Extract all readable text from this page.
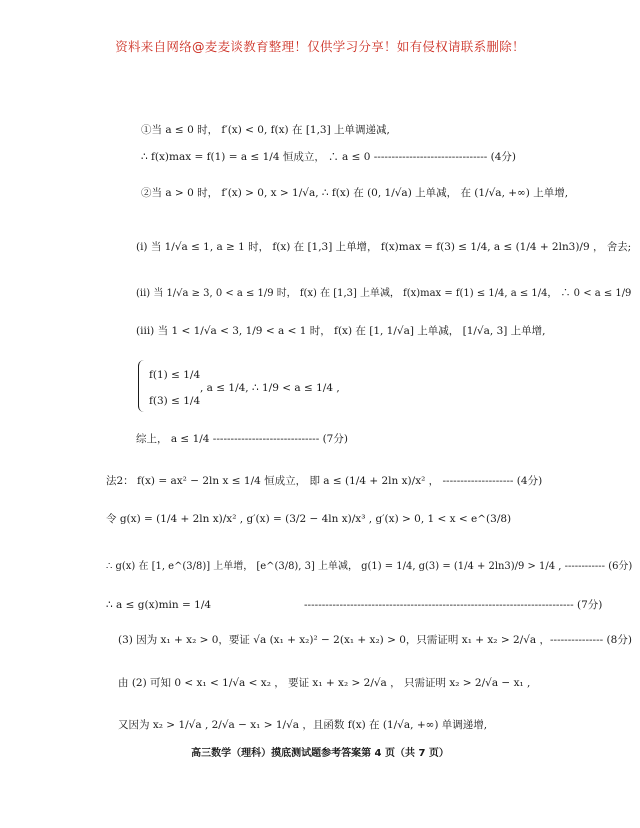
资料来自网络@麦麦谈教育整理！仅供学习分享！如有侵权请联系删除！
①当 a ≤ 0 时， f′(x) < 0, f(x) 在 [1,3] 上单调递减,
∴ f(x)max = f(1) = a ≤ 1/4 恒成立， ∴ a ≤ 0 -------------------------------- (4分)
②当 a > 0 时， f′(x) > 0, x > 1/√a, ∴ f(x) 在 (0, 1/√a) 上单减， 在 (1/√a, +∞) 上单增,
(i) 当 1/√a ≤ 1, a ≥ 1 时， f(x) 在 [1,3] 上单增， f(x)max = f(3) ≤ 1/4, a ≤ (1/4 + 2ln3)/9 ， 舍去;
(ii) 当 1/√a ≥ 3, 0 < a ≤ 1/9 时， f(x) 在 [1,3] 上单减， f(x)max = f(1) ≤ 1/4, a ≤ 1/4， ∴ 0 < a ≤ 1/9
(iii) 当 1 < 1/√a < 3, 1/9 < a < 1 时， f(x) 在 [1, 1/√a] 上单减， [1/√a, 3] 上单增,
f(1) ≤ 1/4
f(3) ≤ 1/4
, a ≤ 1/4, ∴ 1/9 < a ≤ 1/4 ,
综上， a ≤ 1/4 ------------------------------ (7分)
法2： f(x) = ax² − 2ln x ≤ 1/4 恒成立， 即 a ≤ (1/4 + 2ln x)/x² ， -------------------- (4分)
令 g(x) = (1/4 + 2ln x)/x² , g′(x) = (3/2 − 4ln x)/x³ , g′(x) > 0, 1 < x < e^(3/8)
∴ g(x) 在 [1, e^(3/8)] 上单增， [e^(3/8), 3] 上单减， g(1) = 1/4, g(3) = (1/4 + 2ln3)/9 > 1/4 , ------------ (6分)
∴ a ≤ g(x)min = 1/4	---------------------------------------------------------------------------- (7分)
(3) 因为 x₁ + x₂ > 0，要证 √a (x₁ + x₂)² − 2(x₁ + x₂) > 0，只需证明 x₁ + x₂ > 2/√a ，--------------- (8分)
由 (2) 可知 0 < x₁ < 1/√a < x₂ ， 要证 x₁ + x₂ > 2/√a ， 只需证明 x₂ > 2/√a − x₁ ,
又因为 x₂ > 1/√a , 2/√a − x₁ > 1/√a ，且函数 f(x) 在 (1/√a, +∞) 单调递增,
高三数学（理科）摸底测试题参考答案第 4 页（共 7 页）
